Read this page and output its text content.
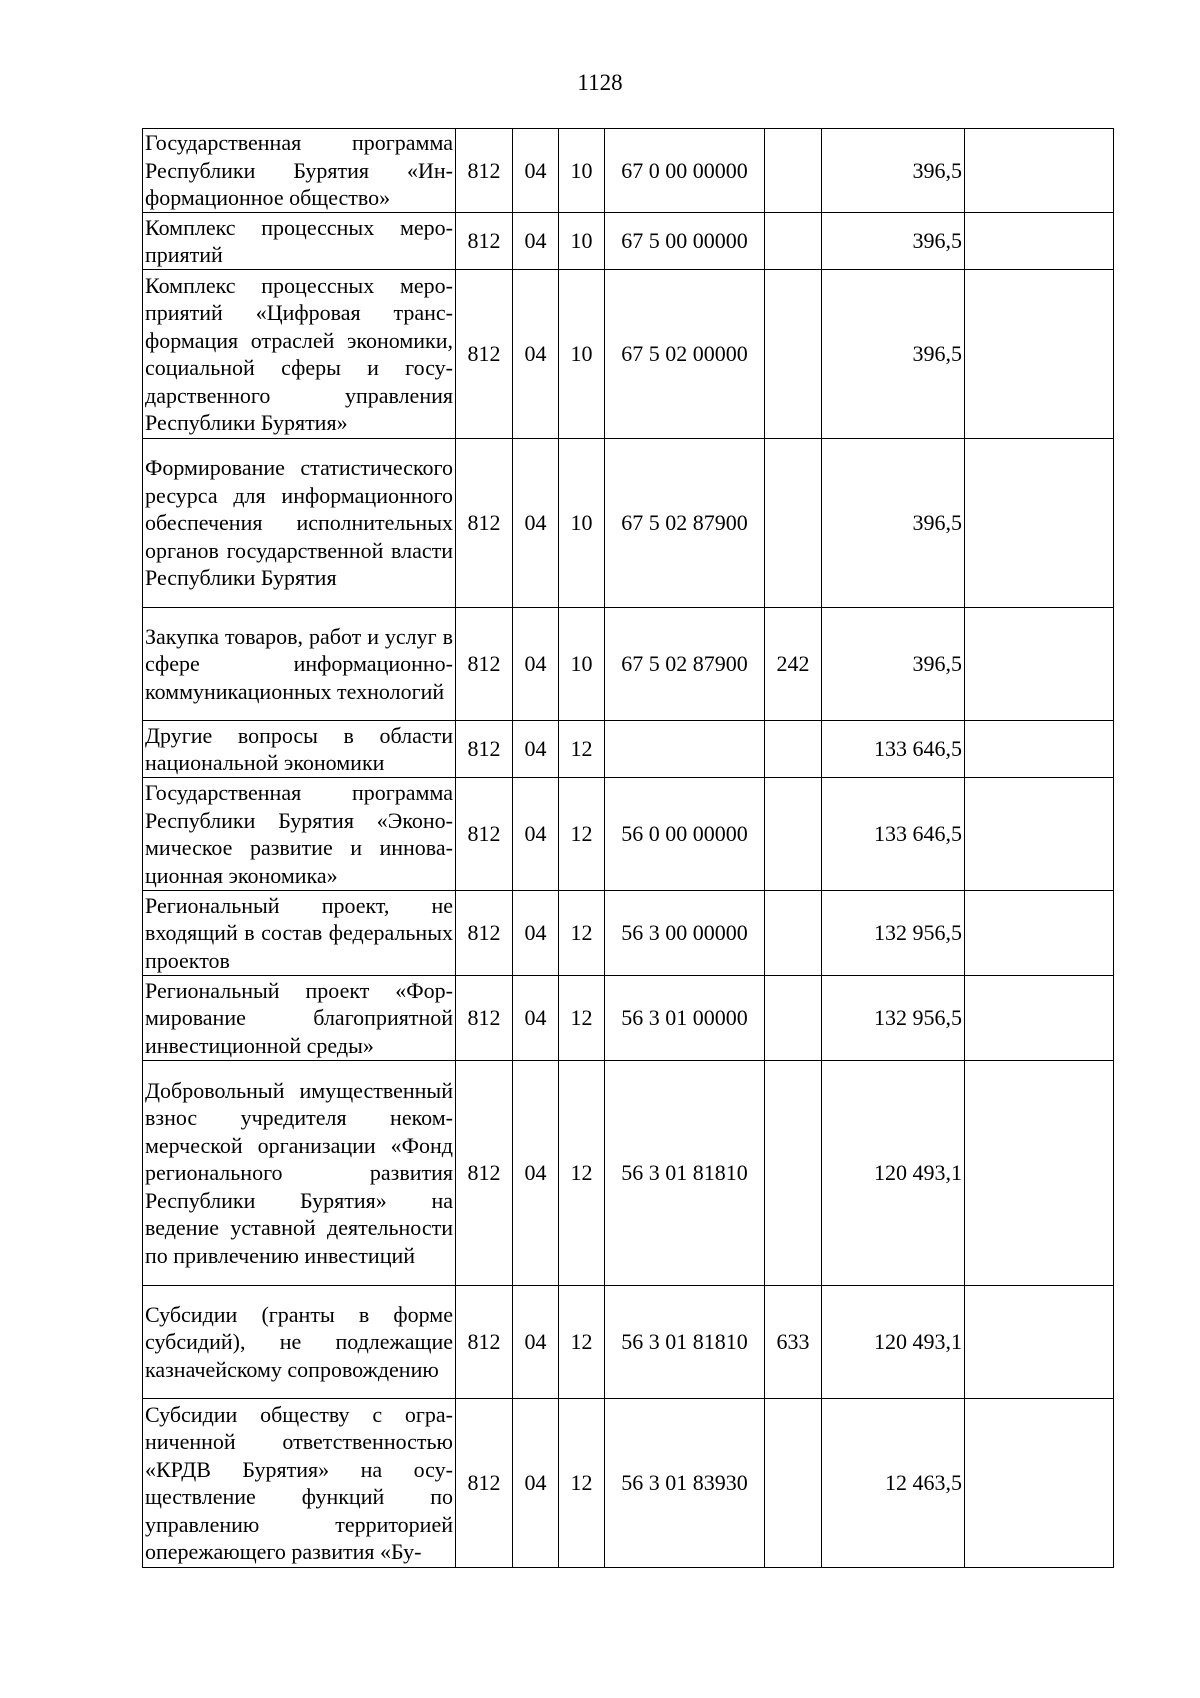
1128
Государственная программа Республики Бурятия «Информационное общество»	812	04	10	67 0 00 00000		396,5	
Комплекс процессных мероприятий	812	04	10	67 5 00 00000		396,5	
Комплекс процессных мероприятий «Цифровая трансформация отраслей экономики, социальной сферы и государственного управления Республики Бурятия»	812	04	10	67 5 02 00000		396,5	
Формирование статистического ресурса для информационного обеспечения исполнительных органов государственной власти Республики Бурятия	812	04	10	67 5 02 87900		396,5	
Закупка товаров, работ и услуг в сфере информационно-коммуникационных технологий	812	04	10	67 5 02 87900	242	396,5	
Другие вопросы в области национальной экономики	812	04	12			133 646,5	
Государственная программа Республики Бурятия «Экономическое развитие и инновационная экономика»	812	04	12	56 0 00 00000		133 646,5	
Региональный проект, не входящий в состав федеральных проектов	812	04	12	56 3 00 00000		132 956,5	
Региональный проект «Формирование благоприятной инвестиционной среды»	812	04	12	56 3 01 00000		132 956,5	
Добровольный имущественный взнос учредителя некоммерческой организации «Фонд регионального развития Республики Бурятия» на ведение уставной деятельности по привлечению инвестиций	812	04	12	56 3 01 81810		120 493,1	
Субсидии (гранты в форме субсидий), не подлежащие казначейскому сопровождению	812	04	12	56 3 01 81810	633	120 493,1	
Субсидии обществу с ограниченной ответственностью «КРДВ Бурятия» на осуществление функций по управлению территорией опережающего развития «Бу-	812	04	12	56 3 01 83930		12 463,5	
